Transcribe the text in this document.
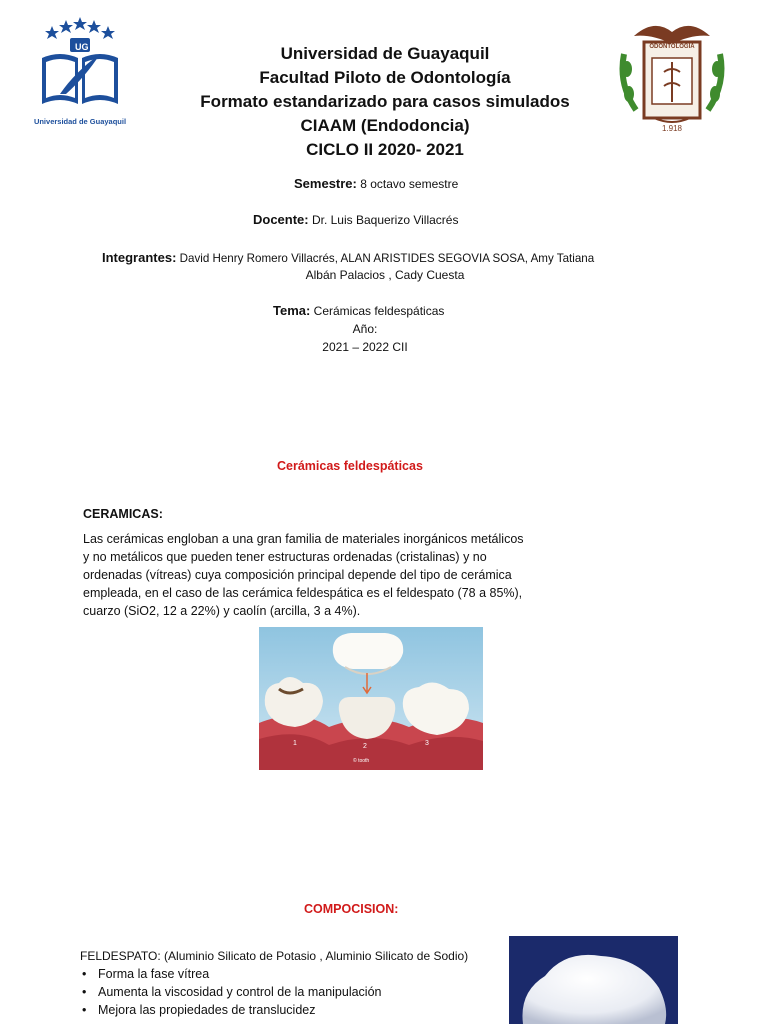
UG
Universidad de Guayaquil
ODONTOLOGIA
1.918
Universidad de Guayaquil
Facultad Piloto de Odontología
Formato estandarizado para casos simulados
CIAAM (Endodoncia)
CICLO II 2020- 2021
Semestre: 8 octavo semestre
Docente: Dr. Luis Baquerizo Villacrés
Integrantes: David Henry Romero Villacrés, ALAN ARISTIDES SEGOVIA SOSA, Amy Tatiana
Albán Palacios , Cady Cuesta
Tema: Cerámicas feldespáticas
Año:
2021 – 2022 CII
Cerámicas feldespáticas
CERAMICAS:
Las cerámicas engloban a una gran familia de materiales inorgánicos metálicos
y no metálicos que pueden tener estructuras ordenadas (cristalinas) y no
ordenadas (vítreas) cuya composición principal depende del tipo de cerámica
empleada, en el caso de las cerámica feldespática es el feldespato (78 a 85%),
cuarzo (SiO2, 12 a 22%) y caolín (arcilla, 3 a 4%).
1	2	3
© tooth
COMPOCISION:
FELDESPATO: (Aluminio Silicato de Potasio , Aluminio Silicato de Sodio)
• Forma la fase vítrea
• Aumenta la viscosidad y control de la manipulación
• Mejora las propiedades de translucidez
